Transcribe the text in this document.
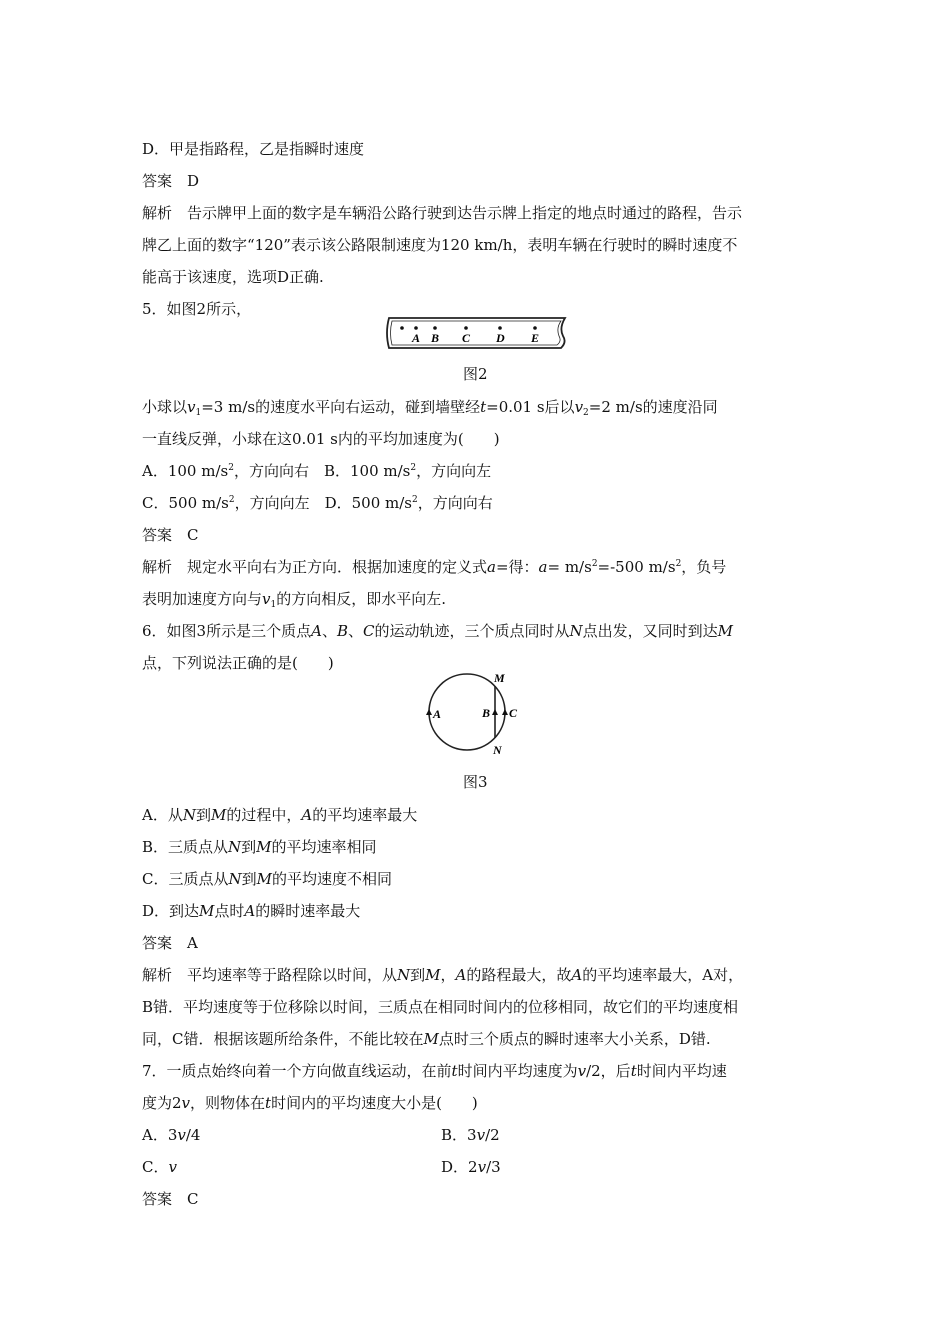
D．甲是指路程，乙是指瞬时速度
答案　D
解析　告示牌甲上面的数字是车辆沿公路行驶到达告示牌上指定的地点时通过的路程，告示
牌乙上面的数字“120”表示该公路限制速度为120 km/h，表明车辆在行驶时的瞬时速度不
能高于该速度，选项D正确.
5．如图2所示，
A B C D E
图2
小球以$v_1=3$ m/s的速度水平向右运动，碰到墙壁经t=0.01 s后以$v_2=2$ m/s的速度沿同
一直线反弹，小球在这0.01 s内的平均加速度为(　　)
A．100 $m/s^2$，方向向右　B．100 $m/s^2$，方向向左
C．500 $m/s^2$，方向向左　D．500 $m/s^2$，方向向右
答案　C
解析　规定水平向右为正方向．根据加速度的定义式a=得：$a= m/s^2=-500$ $m/s^2$，负号
表明加速度方向与$v_1$的方向相反，即水平向左.
6．如图3所示是三个质点A、B、C的运动轨迹，三个质点同时从N点出发，又同时到达M
点，下列说法正确的是(　　)
M
A	B C
N
图3
A．从N到M的过程中，A的平均速率最大
B．三质点从N到M的平均速率相同
C．三质点从N到M的平均速度不相同
D．到达M点时A的瞬时速率最大
答案　A
解析　平均速率等于路程除以时间，从N到M，A的路程最大，故A的平均速率最大，A对，
B错．平均速度等于位移除以时间，三质点在相同时间内的位移相同，故它们的平均速度相
同，C错．根据该题所给条件，不能比较在M点时三个质点的瞬时速率大小关系，D错.
7．一质点始终向着一个方向做直线运动，在前t时间内平均速度为v/2，后t时间内平均速
度为2v，则物体在t时间内的平均速度大小是(　　)
A．3v/4	B．3v/2
C．v	D．2v/3
答案　C
